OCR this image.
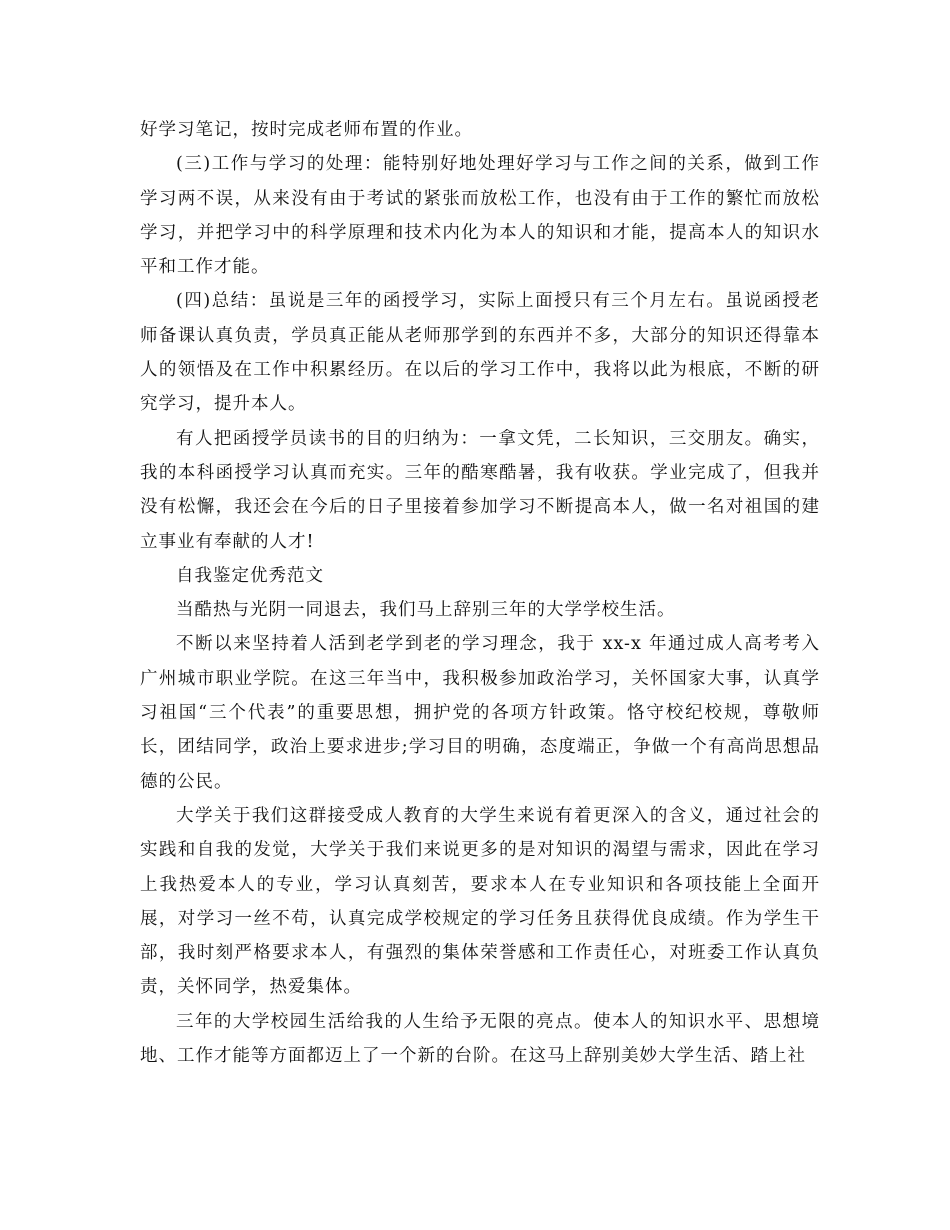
好学习笔记，按时完成老师布置的作业。

(三)工作与学习的处理：能特别好地处理好学习与工作之间的关系，做到工作学习两不误，从来没有由于考试的紧张而放松工作，也没有由于工作的繁忙而放松学习，并把学习中的科学原理和技术内化为本人的知识和才能，提高本人的知识水平和工作才能。

(四)总结：虽说是三年的函授学习，实际上面授只有三个月左右。虽说函授老师备课认真负责，学员真正能从老师那学到的东西并不多，大部分的知识还得靠本人的领悟及在工作中积累经历。在以后的学习工作中，我将以此为根底，不断的研究学习，提升本人。

有人把函授学员读书的目的归纳为：一拿文凭，二长知识，三交朋友。确实，我的本科函授学习认真而充实。三年的酷寒酷暑，我有收获。学业完成了，但我并没有松懈，我还会在今后的日子里接着参加学习不断提高本人，做一名对祖国的建立事业有奉献的人才!

自我鉴定优秀范文

当酷热与光阴一同退去，我们马上辞别三年的大学学校生活。

不断以来坚持着人活到老学到老的学习理念，我于 xx-x 年通过成人高考考入广州城市职业学院。在这三年当中，我积极参加政治学习，关怀国家大事，认真学习祖国“三个代表”的重要思想，拥护党的各项方针政策。恪守校纪校规，尊敬师长，团结同学，政治上要求进步;学习目的明确，态度端正，争做一个有高尚思想品德的公民。

大学关于我们这群接受成人教育的大学生来说有着更深入的含义，通过社会的实践和自我的发觉，大学关于我们来说更多的是对知识的渴望与需求，因此在学习上我热爱本人的专业，学习认真刻苦，要求本人在专业知识和各项技能上全面开展，对学习一丝不苟，认真完成学校规定的学习任务且获得优良成绩。作为学生干部，我时刻严格要求本人，有强烈的集体荣誉感和工作责任心，对班委工作认真负责，关怀同学，热爱集体。

三年的大学校园生活给我的人生给予无限的亮点。使本人的知识水平、思想境地、工作才能等方面都迈上了一个新的台阶。在这马上辞别美妙大学生活、踏上社
